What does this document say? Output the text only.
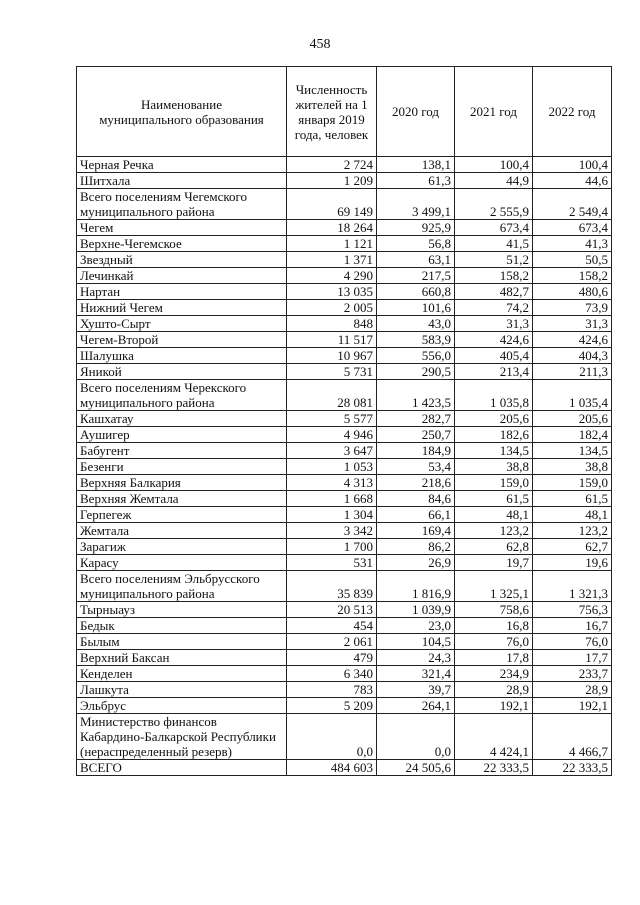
458
Наименование муниципального образования	Численность жителей на 1 января 2019 года, человек	2020 год	2021 год	2022 год
Черная Речка	2 724	138,1	100,4	100,4
Шитхала	1 209	61,3	44,9	44,6
Всего поселениям Чегемского муниципального района	69 149	3 499,1	2 555,9	2 549,4
Чегем	18 264	925,9	673,4	673,4
Верхне-Чегемское	1 121	56,8	41,5	41,3
Звездный	1 371	63,1	51,2	50,5
Лечинкай	4 290	217,5	158,2	158,2
Нартан	13 035	660,8	482,7	480,6
Нижний Чегем	2 005	101,6	74,2	73,9
Хушто-Сырт	848	43,0	31,3	31,3
Чегем-Второй	11 517	583,9	424,6	424,6
Шалушка	10 967	556,0	405,4	404,3
Яникой	5 731	290,5	213,4	211,3
Всего поселениям Черекского муниципального района	28 081	1 423,5	1 035,8	1 035,4
Кашхатау	5 577	282,7	205,6	205,6
Аушигер	4 946	250,7	182,6	182,4
Бабугент	3 647	184,9	134,5	134,5
Безенги	1 053	53,4	38,8	38,8
Верхняя Балкария	4 313	218,6	159,0	159,0
Верхняя Жемтала	1 668	84,6	61,5	61,5
Герпегеж	1 304	66,1	48,1	48,1
Жемтала	3 342	169,4	123,2	123,2
Зарагиж	1 700	86,2	62,8	62,7
Карасу	531	26,9	19,7	19,6
Всего поселениям Эльбрусского муниципального района	35 839	1 816,9	1 325,1	1 321,3
Тырныауз	20 513	1 039,9	758,6	756,3
Бедык	454	23,0	16,8	16,7
Былым	2 061	104,5	76,0	76,0
Верхний Баксан	479	24,3	17,8	17,7
Кенделен	6 340	321,4	234,9	233,7
Лашкута	783	39,7	28,9	28,9
Эльбрус	5 209	264,1	192,1	192,1
Министерство финансов Кабардино-Балкарской Республики (нераспределенный резерв)	0,0	0,0	4 424,1	4 466,7
ВСЕГО	484 603	24 505,6	22 333,5	22 333,5
